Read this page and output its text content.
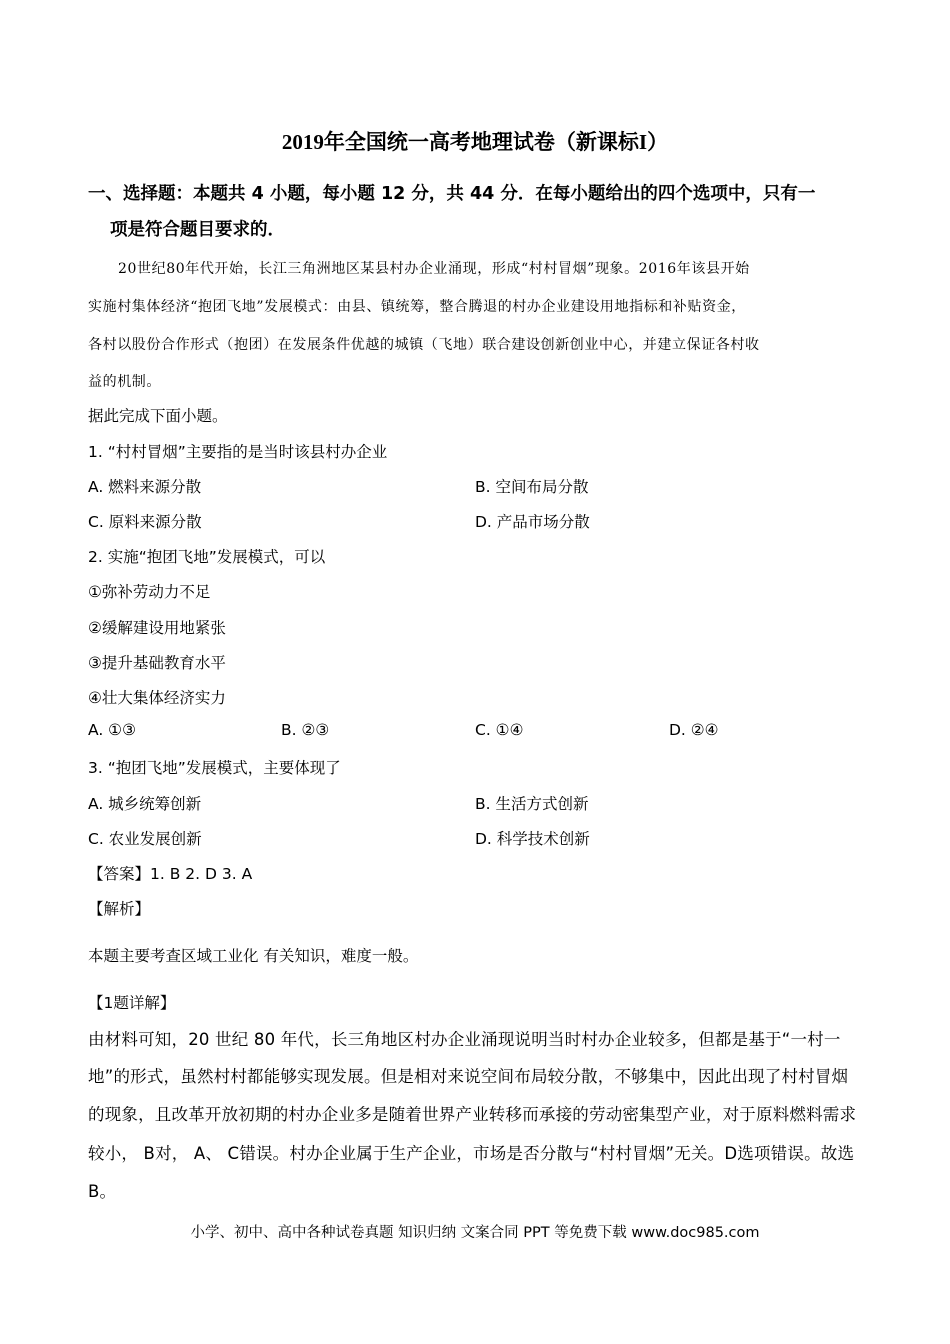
2019年全国统一高考地理试卷（新课标I）
一、选择题：本题共 4 小题，每小题 12 分，共 44 分．在每小题给出的四个选项中，只有一
项是符合题目要求的．
20世纪80年代开始，长江三角洲地区某县村办企业涌现，形成“村村冒烟”现象。2016年该县开始
实施村集体经济“抱团飞地”发展模式：由县、镇统筹，整合腾退的村办企业建设用地指标和补贴资金，
各村以股份合作形式（抱团）在发展条件优越的城镇（飞地）联合建设创新创业中心，并建立保证各村收
益的机制。
据此完成下面小题。
1. “村村冒烟”主要指的是当时该县村办企业
A. 燃料来源分散	B. 空间布局分散
C. 原料来源分散	D. 产品市场分散
2. 实施“抱团飞地”发展模式，可以
①弥补劳动力不足
②缓解建设用地紧张
③提升基础教育水平
④壮大集体经济实力
A. ①③	B. ②③	C. ①④	D. ②④
3. “抱团飞地”发展模式，主要体现了
A. 城乡统筹创新	B. 生活方式创新
C. 农业发展创新	D. 科学技术创新
【答案】1. B 2. D 3. A
【解析】
本题主要考查区域工业化 有关知识，难度一般。
【1题详解】
由材料可知，20 世纪 80 年代，长三角地区村办企业涌现说明当时村办企业较多，但都是基于“一村一
地”的形式，虽然村村都能够实现发展。但是相对来说空间布局较分散，不够集中，因此出现了村村冒烟
的现象，且改革开放初期的村办企业多是随着世界产业转移而承接的劳动密集型产业，对于原料燃料需求
较小， B对， A、 C错误。村办企业属于生产企业，市场是否分散与“村村冒烟”无关。D选项错误。故选
B。
小学、初中、高中各种试卷真题 知识归纳 文案合同 PPT 等免费下载 www.doc985.com
